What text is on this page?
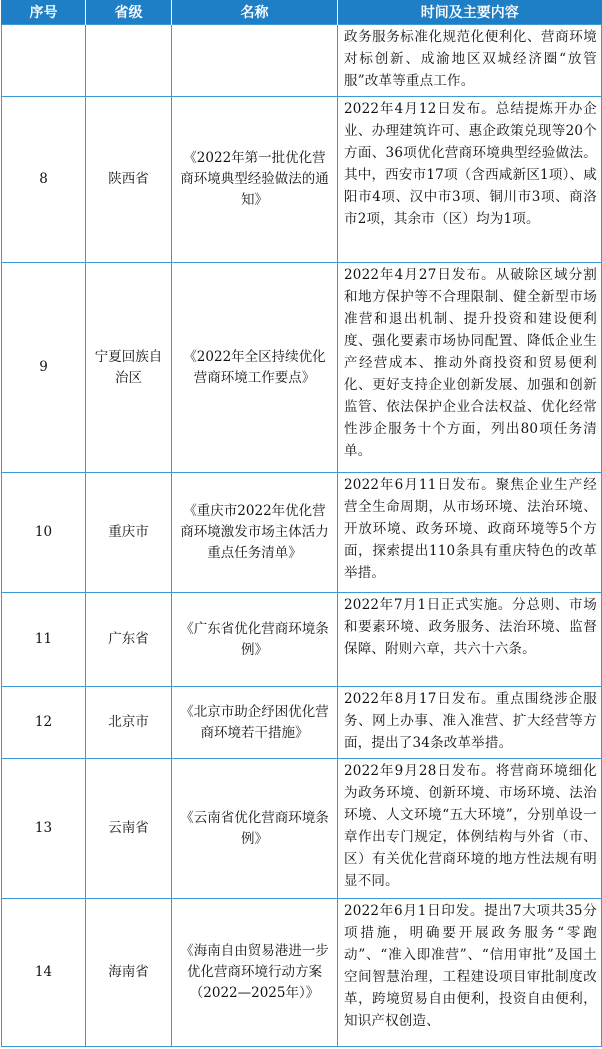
序号	省级	名称	时间及主要内容
			政务服务标准化规范化便利化、营商环境对标创新、成渝地区双城经济圈“放管服”改革等重点工作。
8	陕西省	《2022年第一批优化营商环境典型经验做法的通知》	2022年4月12日发布。总结提炼开办企业、办理建筑许可、惠企政策兑现等20个方面、36项优化营商环境典型经验做法。其中，西安市17项（含西咸新区1项）、咸阳市4项、汉中市3项、铜川市3项、商洛市2项，其余市（区）均为1项。
9	宁夏回族自治区	《2022年全区持续优化营商环境工作要点》	2022年4月27日发布。从破除区域分割和地方保护等不合理限制、健全新型市场准营和退出机制、提升投资和建设便利度、强化要素市场协同配置、降低企业生产经营成本、推动外商投资和贸易便利化、更好支持企业创新发展、加强和创新监管、依法保护企业合法权益、优化经常性涉企服务十个方面，列出80项任务清单。
10	重庆市	《重庆市2022年优化营商环境激发市场主体活力重点任务清单》	2022年6月11日发布。聚焦企业生产经营全生命周期，从市场环境、法治环境、开放环境、政务环境、政商环境等5个方面，探索提出110条具有重庆特色的改革举措。
11	广东省	《广东省优化营商环境条例》	2022年7月1日正式实施。分总则、市场和要素环境、政务服务、法治环境、监督保障、附则六章，共六十六条。
12	北京市	《北京市助企纾困优化营商环境若干措施》	2022年8月17日发布。重点围绕涉企服务、网上办事、准入准营、扩大经营等方面，提出了34条改革举措。
13	云南省	《云南省优化营商环境条例》	2022年9月28日发布。将营商环境细化为政务环境、创新环境、市场环境、法治环境、人文环境“五大环境”，分别单设一章作出专门规定，体例结构与外省（市、区）有关优化营商环境的地方性法规有明显不同。
14	海南省	《海南自由贸易港进一步优化营商环境行动方案（2022—2025年）》	2022年6月1日印发。提出7大项共35分项措施，明确要开展政务服务“零跑动”、“准入即准营”、“信用审批”及国土空间智慧治理，工程建设项目审批制度改革，跨境贸易自由便利，投资自由便利，知识产权创造、
